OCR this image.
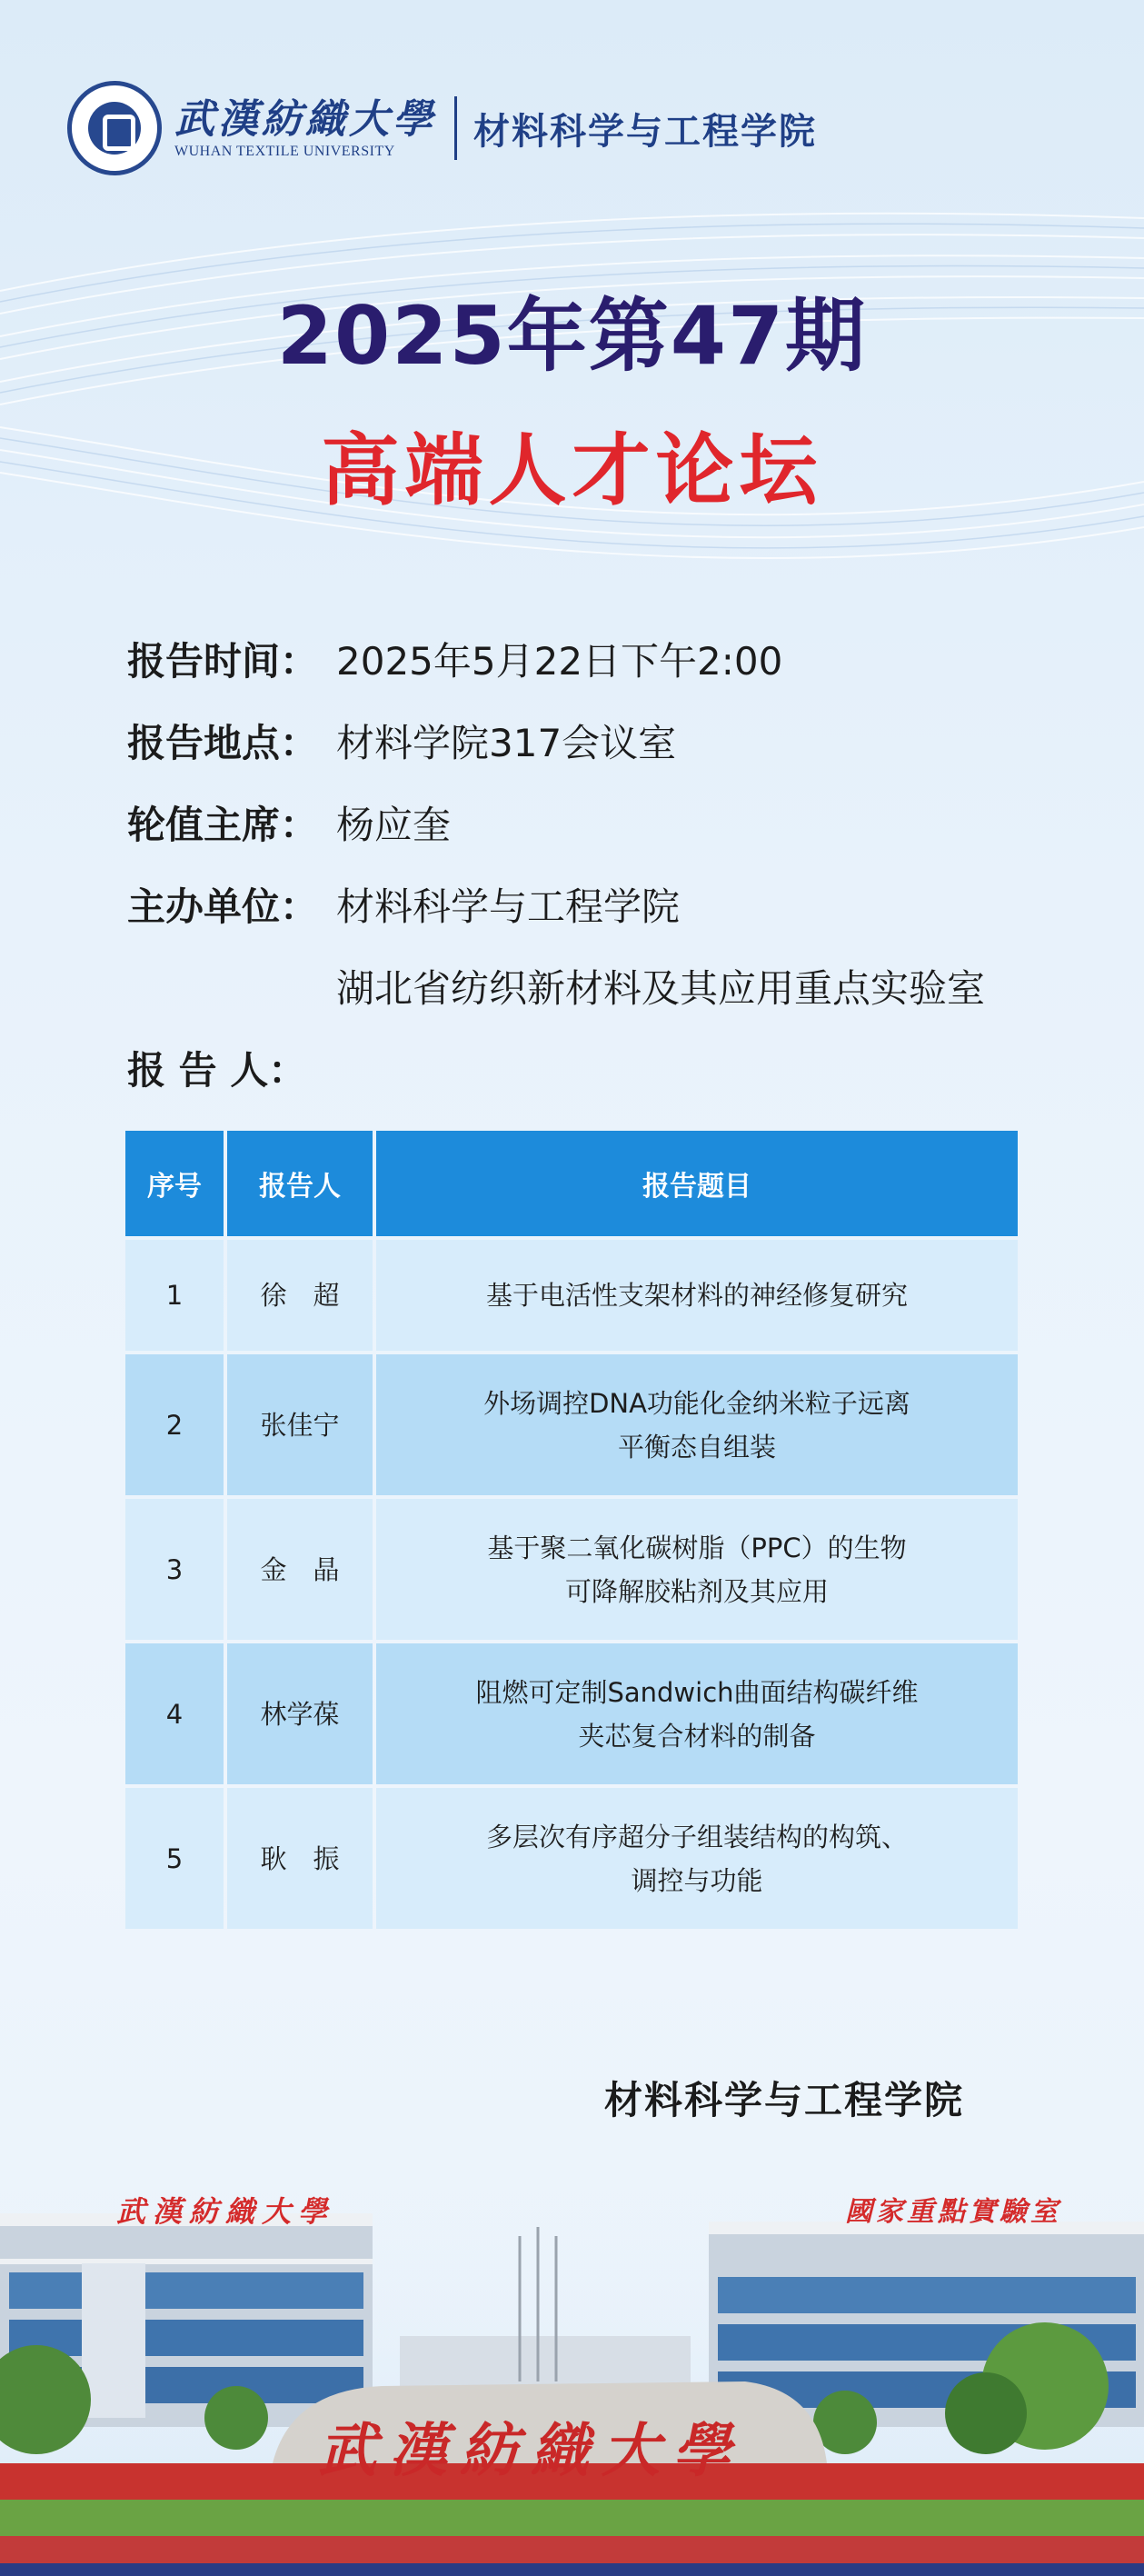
武漢紡織大學
WUHAN TEXTILE UNIVERSITY	材料科学与工程学院
2025年第47期
高端人才论坛
报告时间： 2025年5月22日下午2:00
报告地点： 材料学院317会议室
轮值主席： 杨应奎
主办单位： 材料科学与工程学院
湖北省纺织新材料及其应用重点实验室
报 告 人：
序号	报告人	报告题目
1	徐　超	基于电活性支架材料的神经修复研究

2	张佳宁	外场调控DNA功能化金纳米粒子远离
平衡态自组装

3	金　晶	基于聚二氧化碳树脂（PPC）的生物
可降解胶粘剂及其应用

4	林学葆	阻燃可定制Sandwich曲面结构碳纤维
夹芯复合材料的制备

5	耿　振	多层次有序超分子组装结构的构筑、
调控与功能
材料科学与工程学院
武漢紡織大學	國家重點實驗室
武漢紡織大學
